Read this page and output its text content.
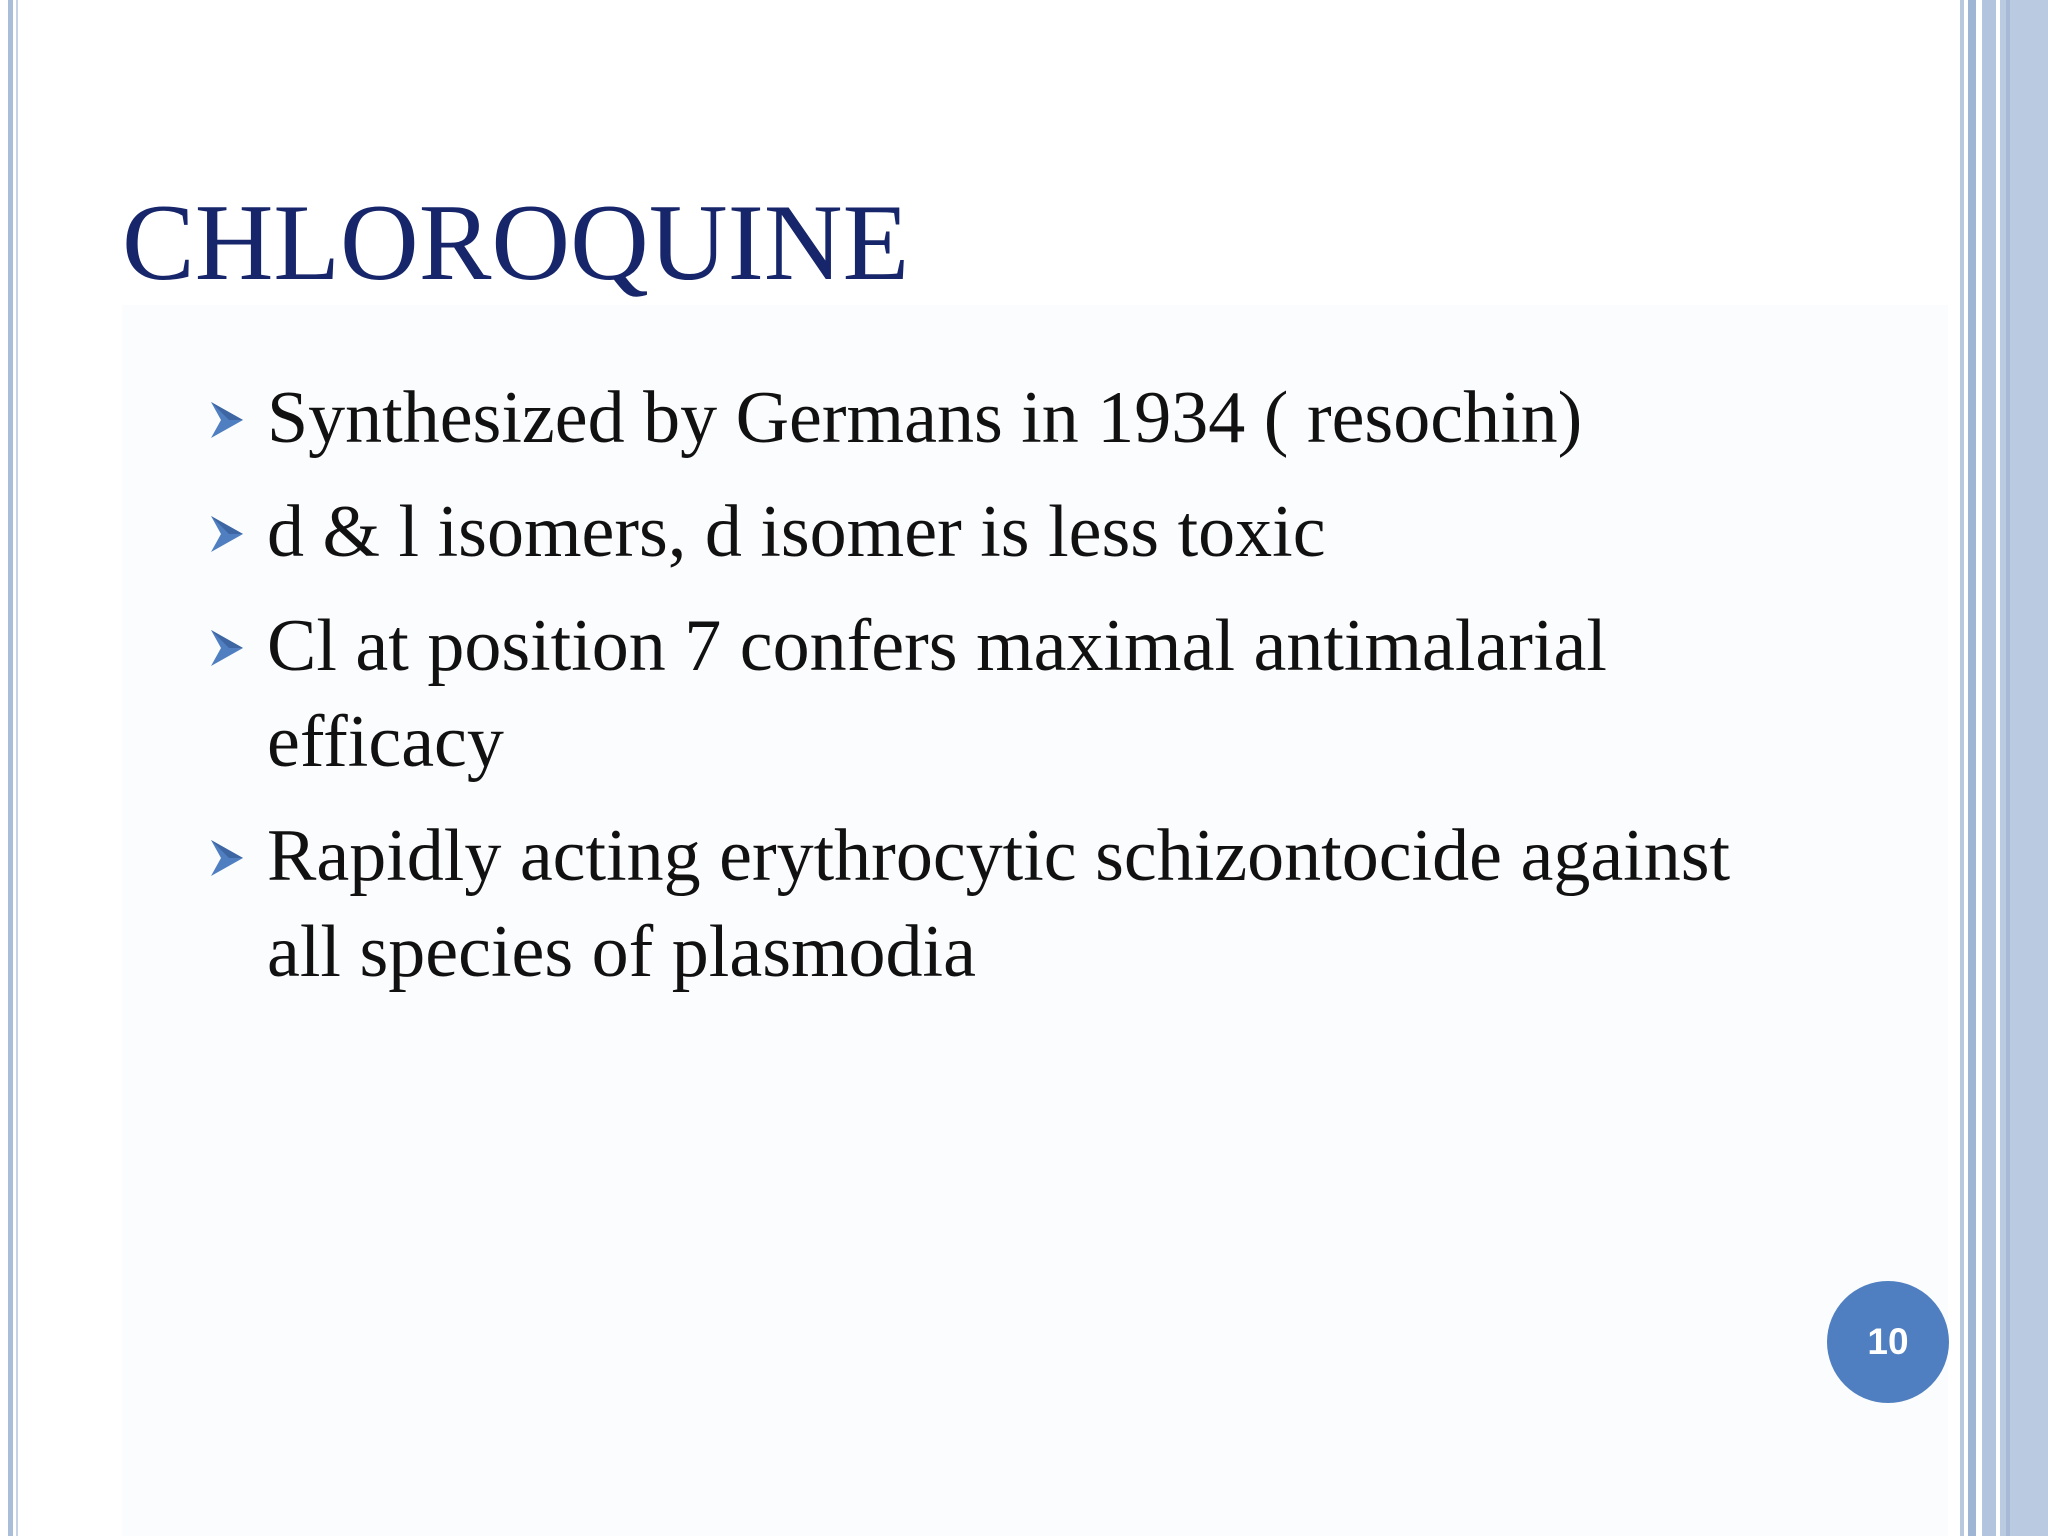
CHLOROQUINE
Synthesized by Germans in 1934 ( resochin)
d & l isomers, d isomer is less toxic
Cl at position 7 confers maximal antimalarial efficacy
Rapidly acting erythrocytic schizontocide against all species of plasmodia
10
